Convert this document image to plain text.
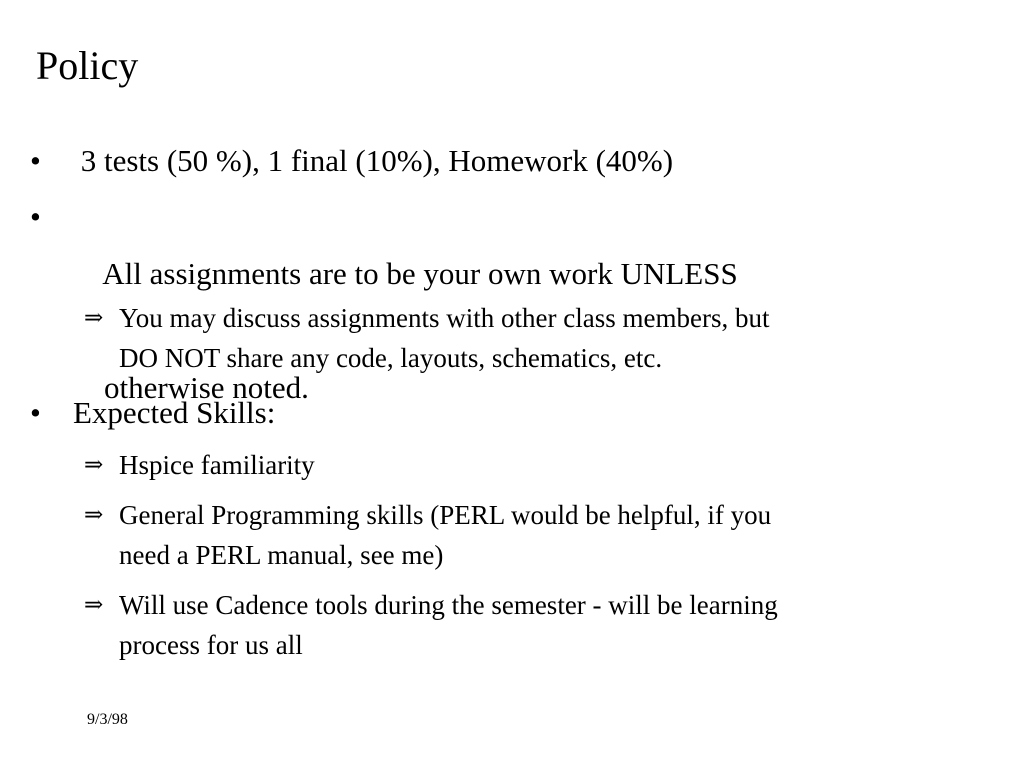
Policy
•	3 tests (50 %), 1 final (10%), Homework (40%)
•

All assignments are to be your own work UNLESS

otherwise noted.

⇒ You may discuss assignments with other class members, but
DO NOT share any code, layouts, schematics, etc.
•	Expected Skills:
⇒ Hspice familiarity
⇒ General Programming skills (PERL would be helpful, if you
need a PERL manual, see me)
⇒ Will use Cadence tools during the semester - will be learning
process for us all
9/3/98
